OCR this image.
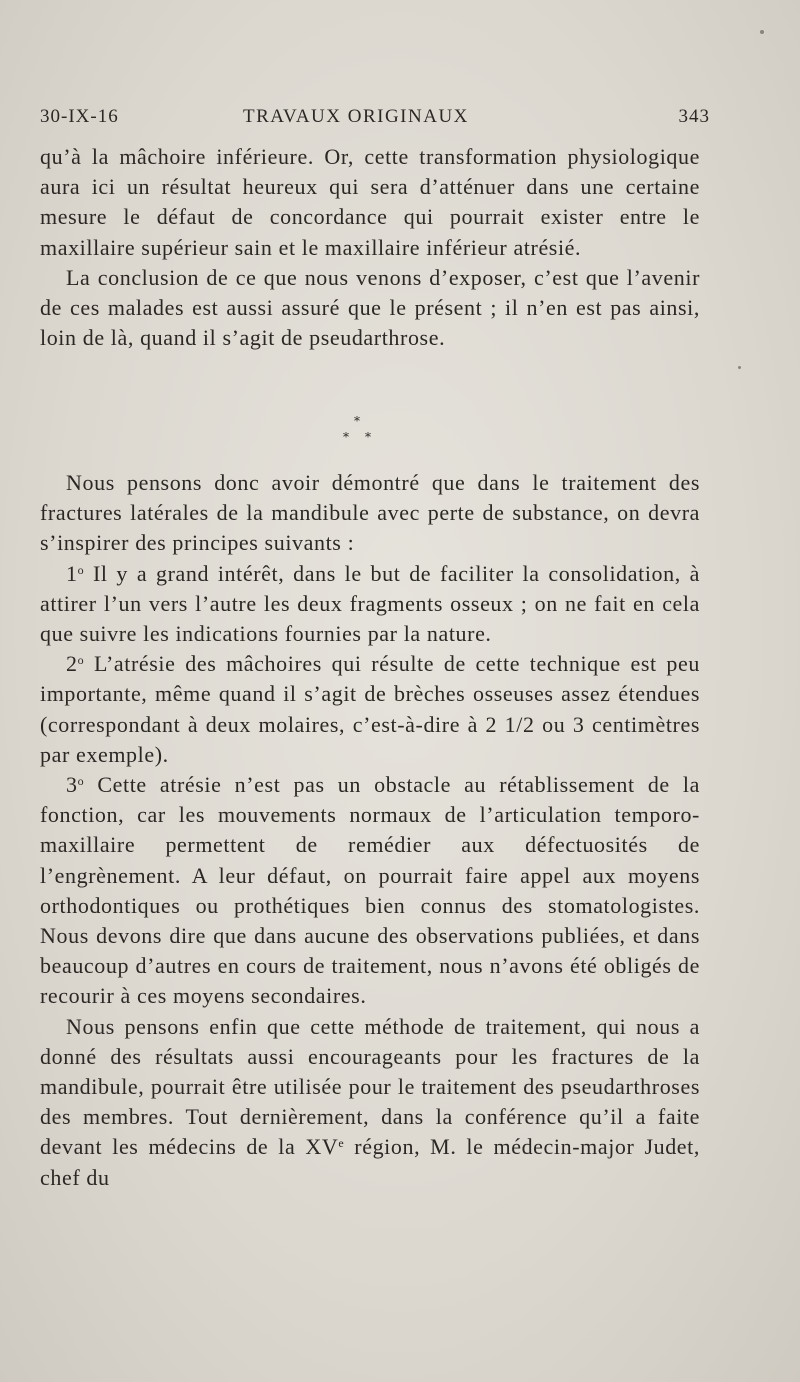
30-IX-16	TRAVAUX ORIGINAUX	343

qu’à la mâchoire inférieure. Or, cette transformation physiologique aura ici un résultat heureux qui sera d’atténuer dans une certaine mesure le défaut de concordance qui pourrait exister entre le maxillaire supérieur sain et le maxillaire inférieur atrésié.

La conclusion de ce que nous venons d’exposer, c’est que l’avenir de ces malades est aussi assuré que le présent ; il n’en est pas ainsi, loin de là, quand il s’agit de pseudarthrose.

*
* *

Nous pensons donc avoir démontré que dans le traitement des fractures latérales de la mandibule avec perte de substance, on devra s’inspirer des principes suivants :

1$^o$ Il y a grand intérêt, dans le but de faciliter la consolidation, à attirer l’un vers l’autre les deux fragments osseux ; on ne fait en cela que suivre les indications fournies par la nature.

2$^o$ L’atrésie des mâchoires qui résulte de cette technique est peu importante, même quand il s’agit de brèches osseuses assez étendues (correspondant à deux molaires, c’est-à-dire à 2 1/2 ou 3 centimètres par exemple).

3$^o$ Cette atrésie n’est pas un obstacle au rétablissement de la fonction, car les mouvements normaux de l’articulation temporo-maxillaire permettent de remédier aux défectuosités de l’engrènement. A leur défaut, on pourrait faire appel aux moyens orthodontiques ou prothétiques bien connus des stomatologistes. Nous devons dire que dans aucune des observations publiées, et dans beaucoup d’autres en cours de traitement, nous n’avons été obligés de recourir à ces moyens secondaires.

Nous pensons enfin que cette méthode de traitement, qui nous a donné des résultats aussi encourageants pour les fractures de la mandibule, pourrait être utilisée pour le traitement des pseudarthroses des membres. Tout dernièrement, dans la conférence qu’il a faite devant les médecins de la XVe région, M. le médecin-major Judet, chef du
